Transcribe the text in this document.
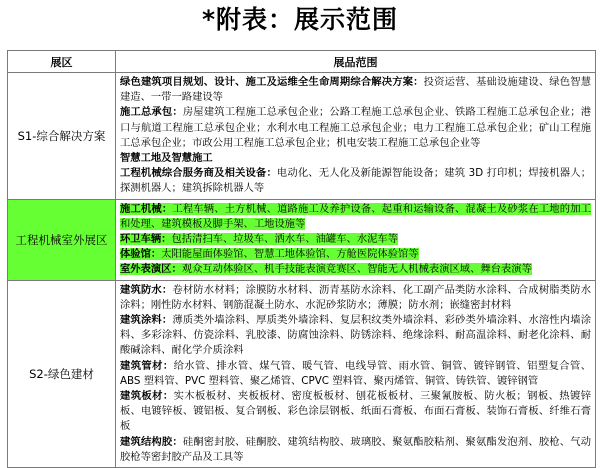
*附表：展示范围
展区	展品范围
S1-综合解决方案	绿色建筑项目规划、设计、施工及运维全生命周期综合解决方案：投资运营、基础设施建设、绿色智慧建造、一带一路建设等

施工总承包：房屋建筑工程施工总承包企业；公路工程施工总承包企业、铁路工程施工总承包企业；港口与航道工程施工总承包企业；水利水电工程施工总承包企业；电力工程施工总承包企业；矿山工程施工总承包企业；市政公用工程施工总承包企业；机电安装工程施工总承包企业等

智慧工地及智慧施工

工程机械综合服务商及相关设备：电动化、无人化及新能源智能设备；建筑 3D 打印机；焊接机器人；探测机器人；建筑拆除机器人等

工程机械室外展区	施工机械：工程车辆、土方机械、道路施工及养护设备、起重和运输设备、混凝土及砂浆在工地的加工和处理、建筑模板及脚手架、工地设施等

环卫车辆：包括清扫车、垃圾车、洒水车、油罐车、水泥车等

体验馆：太阳能屋面体验馆、智慧工地体验馆、方舱医院体验馆等

室外表演区：观众互动体验区、机手技能表演竞赛区、智能无人机械表演区域、舞台表演等

S2-绿色建材	建筑防水：卷材防水材料；涂膜防水材料、沥青基防水涂料、化工副产品类防水涂料、合成树脂类防水涂料；刚性防水材料、钢筋混凝土防水、水泥砂浆防水；薄膜；防水剂；嵌缝密封材料

建筑涂料：薄质类外墙涂料、厚质类外墙涂料、复层积纹类外墙涂料、彩砂类外墙涂料、水溶性内墙涂料、多彩涂料、仿瓷涂料、乳胶漆、防腐蚀涂料、防锈涂料、绝缘涂料、耐高温涂料、耐老化涂料、耐酸碱涂料、耐化学介质涂料

建筑管材：给水管、排水管、煤气管、暖气管、电线导管、雨水管、铜管、镀锌钢管、铝塑复合管、ABS 塑料管、PVC 塑料管、聚乙烯管、CPVC 塑料管、聚丙烯管、铜管、铸铁管、镀锌钢管

建筑板材：实木板板材、夹板板材、密度板板材、刨花板板材、三聚氰胺板、防火板；钢板、热镀锌板、电镀锌板、镀铝板、复合钢板、彩色涂层钢板、纸面石膏板、布面石膏板、装饰石膏板、纤维石膏板

建筑结构胶：硅酮密封胶、硅酮胶、建筑结构胶、玻璃胶、聚氨酯胶粘剂、聚氨酯发泡剂、胶枪、气动胶枪等密封胶产品及工具等
